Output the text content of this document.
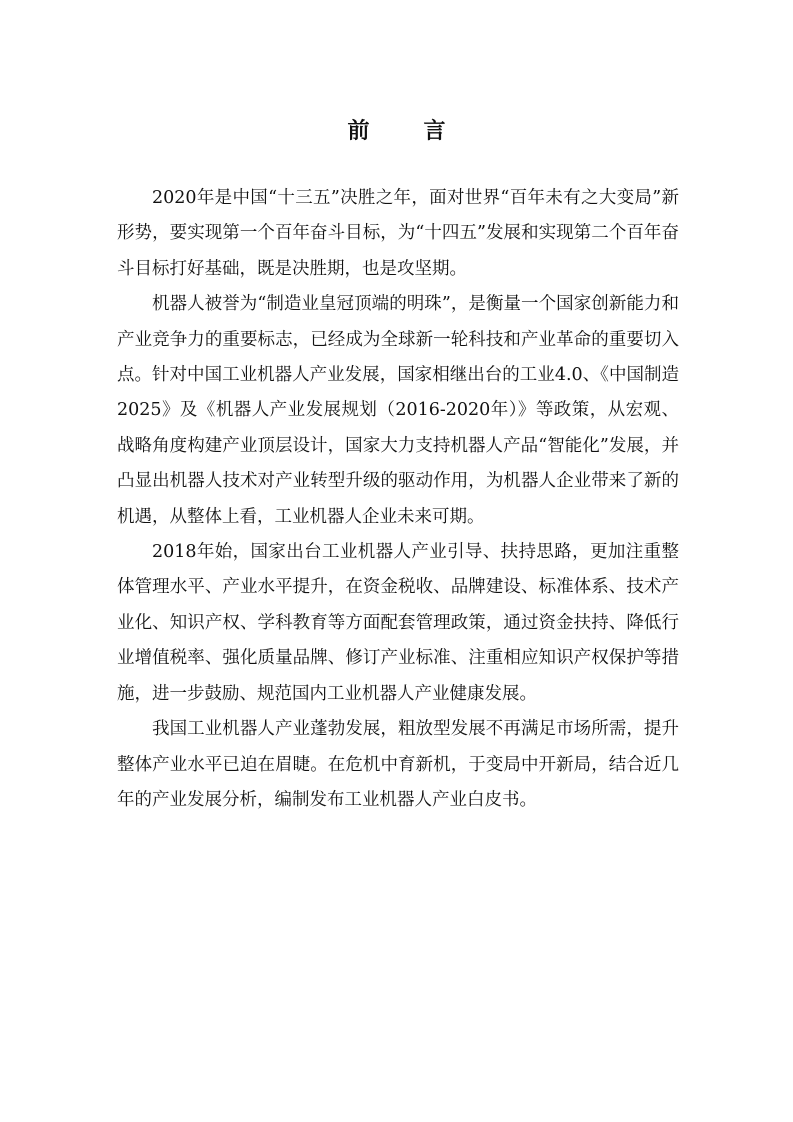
前　言

2020年是中国“十三五”决胜之年，面对世界“百年未有之大变局”新形势，要实现第一个百年奋斗目标，为“十四五”发展和实现第二个百年奋斗目标打好基础，既是决胜期，也是攻坚期。

机器人被誉为“制造业皇冠顶端的明珠”，是衡量一个国家创新能力和产业竞争力的重要标志，已经成为全球新一轮科技和产业革命的重要切入点。针对中国工业机器人产业发展，国家相继出台的工业4.0、《中国制造2025》及《机器人产业发展规划（2016-2020年）》等政策，从宏观、战略角度构建产业顶层设计，国家大力支持机器人产品“智能化”发展，并凸显出机器人技术对产业转型升级的驱动作用，为机器人企业带来了新的机遇，从整体上看，工业机器人企业未来可期。

2018年始，国家出台工业机器人产业引导、扶持思路，更加注重整体管理水平、产业水平提升，在资金税收、品牌建设、标准体系、技术产业化、知识产权、学科教育等方面配套管理政策，通过资金扶持、降低行业增值税率、强化质量品牌、修订产业标准、注重相应知识产权保护等措施，进一步鼓励、规范国内工业机器人产业健康发展。

我国工业机器人产业蓬勃发展，粗放型发展不再满足市场所需，提升整体产业水平已迫在眉睫。在危机中育新机，于变局中开新局，结合近几年的产业发展分析，编制发布工业机器人产业白皮书。
